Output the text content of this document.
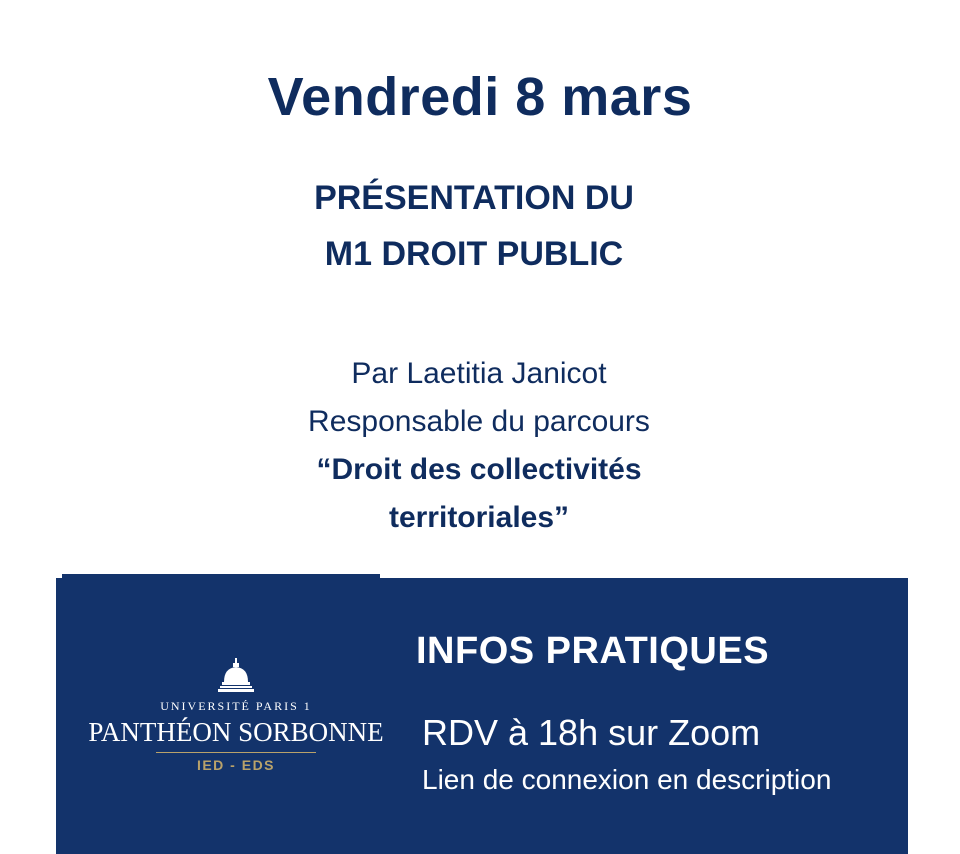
Vendredi 8 mars
PRÉSENTATION DU
M1 DROIT PUBLIC
Par Laetitia Janicot
Responsable du parcours
“Droit des collectivités
territoriales”
UNIVERSITÉ PARIS 1
PANTHÉON SORBONNE
IED - EDS
INFOS PRATIQUES
RDV à 18h sur Zoom
Lien de connexion en description
